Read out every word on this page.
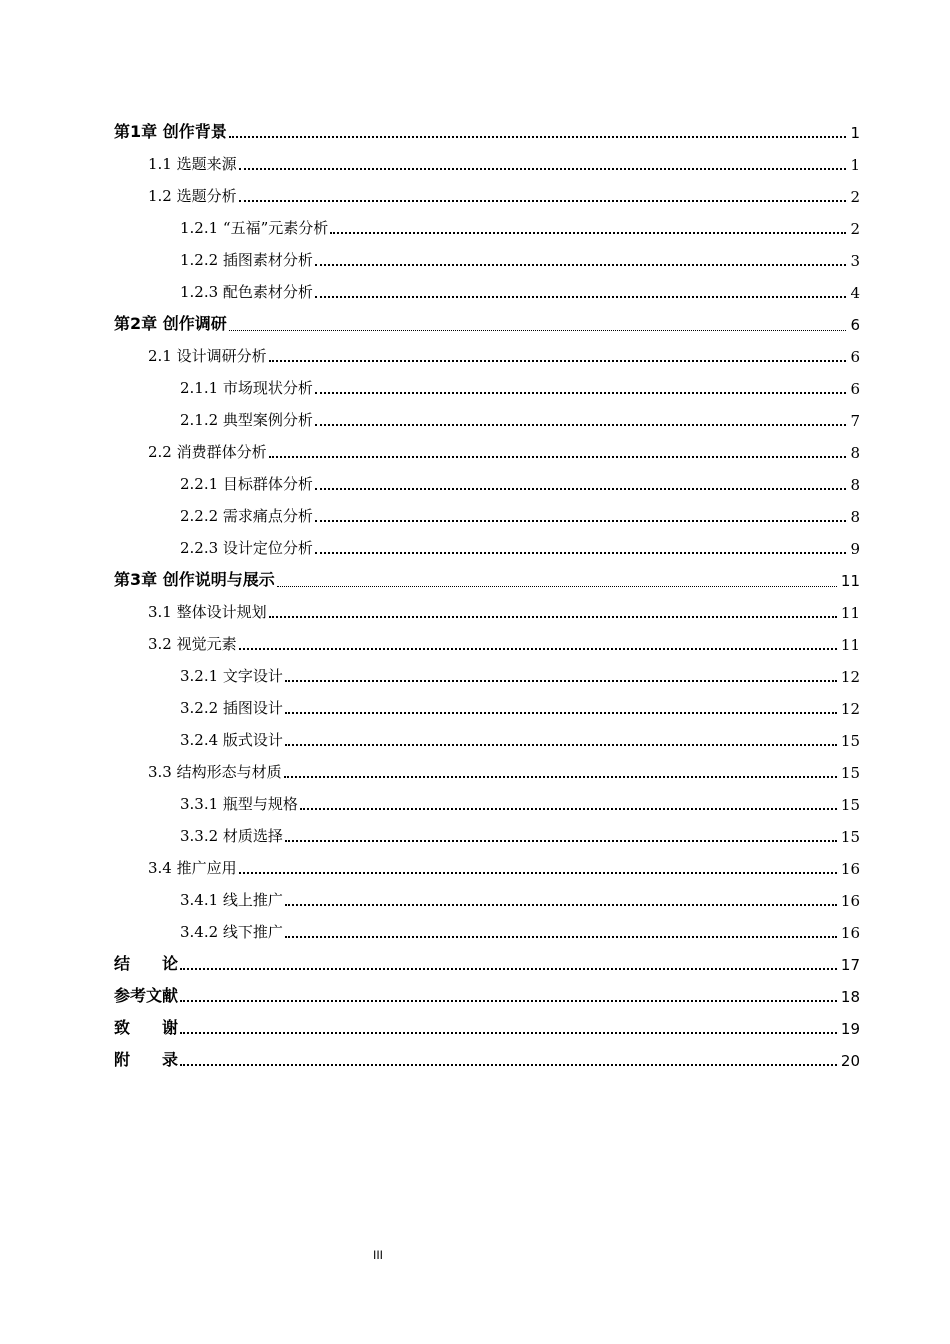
第1章 创作背景	1
1.1 选题来源	1
1.2 选题分析	2
1.2.1 “五福”元素分析	2
1.2.2 插图素材分析	3
1.2.3 配色素材分析	4
第2章 创作调研	6
2.1 设计调研分析	6
2.1.1 市场现状分析	6
2.1.2 典型案例分析	7
2.2 消费群体分析	8
2.2.1 目标群体分析	8
2.2.2 需求痛点分析	8
2.2.3 设计定位分析	9
第3章 创作说明与展示	11
3.1 整体设计规划	11
3.2 视觉元素	11
3.2.1 文字设计	12
3.2.2 插图设计	12
3.2.4 版式设计	15
3.3 结构形态与材质	15
3.3.1 瓶型与规格	15
3.3.2 材质选择	15
3.4 推广应用	16
3.4.1 线上推广	16
3.4.2 线下推广	16
结　　论	17
参考文献	18
致　　谢	19
附　　录	20
III
